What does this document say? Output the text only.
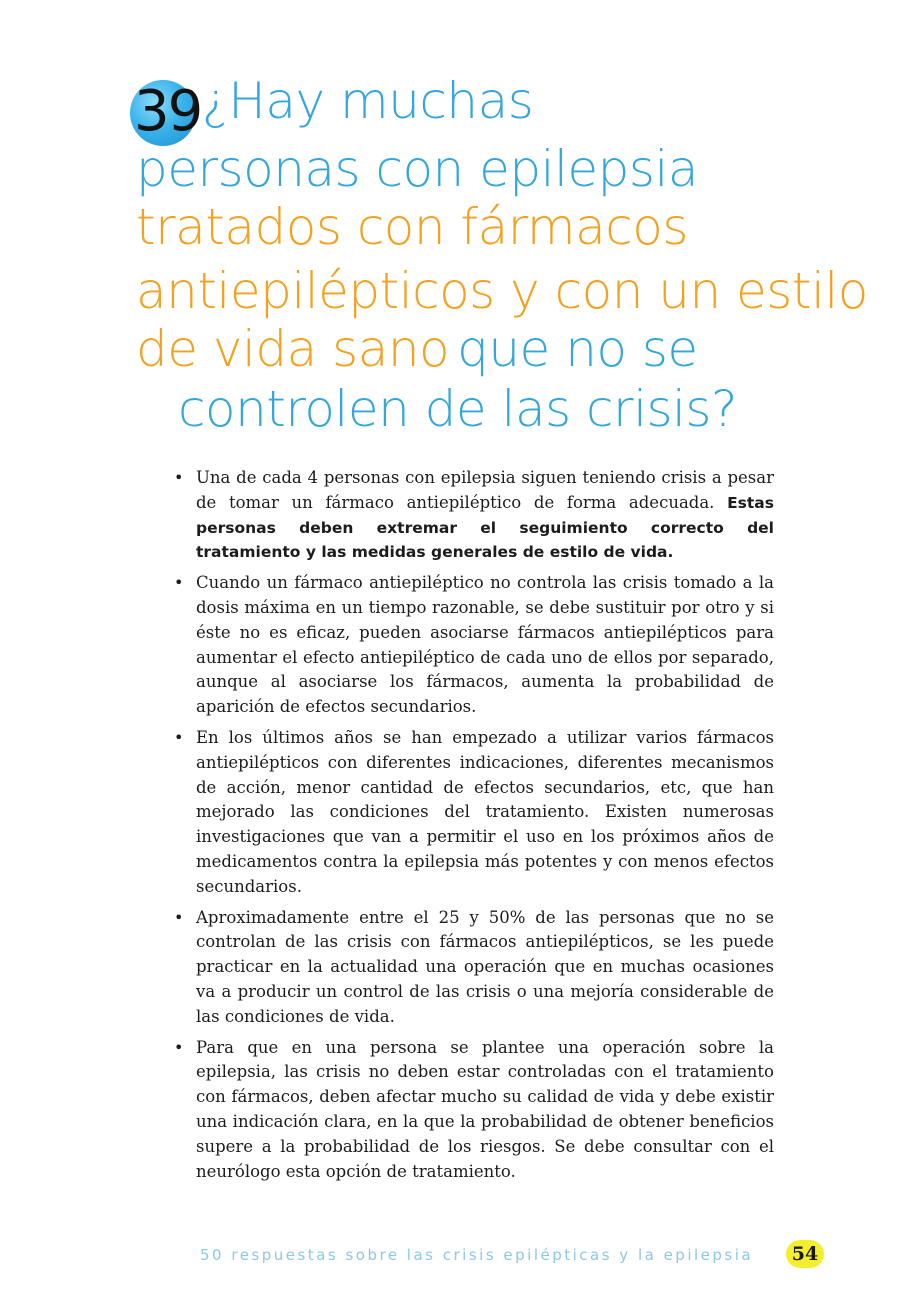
39 ¿Hay muchas
personas con epilepsia
tratados con fármacos
antiepilépticos y con un estilo
de vida sano que no se
controlen de las crisis?
• Una de cada 4 personas con epilepsia siguen teniendo crisis a pesar de tomar un fármaco antiepiléptico de forma adecuada. Estas personas deben extremar el seguimiento correcto del tratamiento y las medidas generales de estilo de vida.
• Cuando un fármaco antiepiléptico no controla las crisis tomado a la dosis máxima en un tiempo razonable, se debe sustituir por otro y si éste no es eficaz, pueden asociarse fármacos antiepilépticos para aumentar el efecto antiepiléptico de cada uno de ellos por separado, aunque al asociarse los fármacos, aumenta la probabilidad de aparición de efectos secundarios.
• En los últimos años se han empezado a utilizar varios fármacos antiepilépticos con diferentes indicaciones, diferentes mecanismos de acción, menor cantidad de efectos secundarios, etc, que han mejorado las condiciones del tratamiento. Existen numerosas investigaciones que van a permitir el uso en los próximos años de medicamentos contra la epilepsia más potentes y con menos efectos secundarios.
• Aproximadamente entre el 25 y 50% de las personas que no se controlan de las crisis con fármacos antiepilépticos, se les puede practicar en la actualidad una operación que en muchas ocasiones va a producir un control de las crisis o una mejoría considerable de las condiciones de vida.
• Para que en una persona se plantee una operación sobre la epilepsia, las crisis no deben estar controladas con el tratamiento con fármacos, deben afectar mucho su calidad de vida y debe existir una indicación clara, en la que la probabilidad de obtener beneficios supere a la probabilidad de los riesgos. Se debe consultar con el neurólogo esta opción de tratamiento.
50 respuestas sobre las crisis epilépticas y la epilepsia	54
